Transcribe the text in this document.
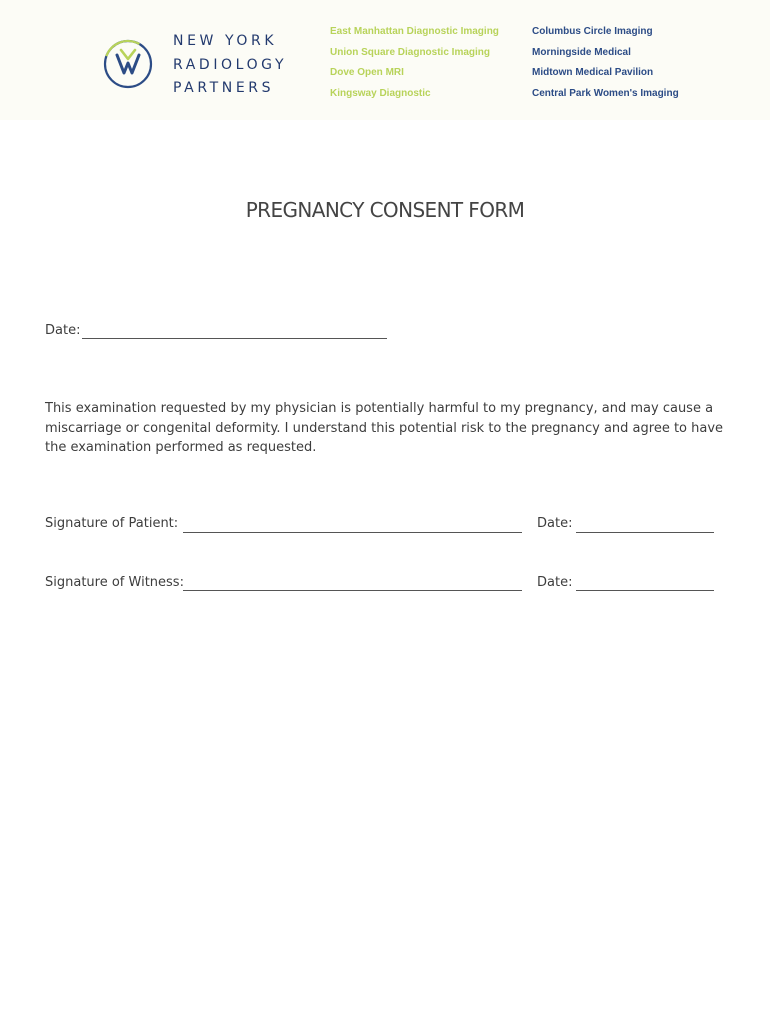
NEW YORK
RADIOLOGY
PARTNERS
East Manhattan Diagnostic Imaging
Union Square Diagnostic Imaging
Dove Open MRI
Kingsway Diagnostic
Columbus Circle Imaging
Morningside Medical
Midtown Medical Pavilion
Central Park Women's Imaging
PREGNANCY CONSENT FORM
Date:
This examination requested by my physician is potentially harmful to my pregnancy, and may cause a miscarriage or congenital deformity. I understand this potential risk to the pregnancy and agree to have the examination performed as requested.
Signature of Patient:	Date:
Signature of Witness:	Date:
